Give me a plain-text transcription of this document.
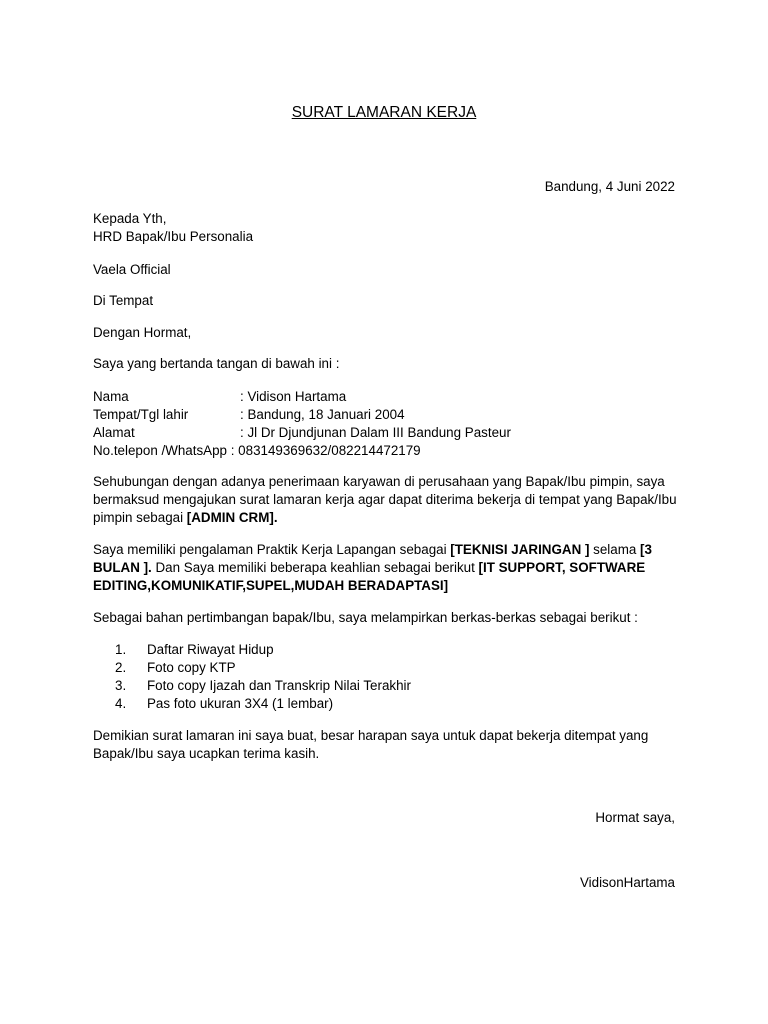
SURAT LAMARAN KERJA

Bandung, 4 Juni 2022

Kepada Yth,

HRD Bapak/Ibu Personalia

Vaela Official

Di Tempat

Dengan Hormat,

Saya yang bertanda tangan di bawah ini :

Nama	: Vidison Hartama
Tempat/Tgl lahir	: Bandung, 18 Januari 2004
Alamat	: Jl Dr Djundjunan Dalam III Bandung Pasteur
No.telepon /WhatsApp : 083149369632/082214472179

Sehubungan dengan adanya penerimaan karyawan di perusahaan yang Bapak/Ibu pimpin, saya bermaksud mengajukan surat lamaran kerja agar dapat diterima bekerja di tempat yang Bapak/Ibu pimpin sebagai [ADMIN CRM].

Saya memiliki pengalaman Praktik Kerja Lapangan sebagai [TEKNISI JARINGAN ] selama [3 BULAN ]. Dan Saya memiliki beberapa keahlian sebagai berikut [IT SUPPORT, SOFTWARE EDITING,KOMUNIKATIF,SUPEL,MUDAH BERADAPTASI]

Sebagai bahan pertimbangan bapak/Ibu, saya melampirkan berkas-berkas sebagai berikut :

1. Daftar Riwayat Hidup
2. Foto copy KTP
3. Foto copy Ijazah dan Transkrip Nilai Terakhir
4. Pas foto ukuran 3X4 (1 lembar)

Demikian surat lamaran ini saya buat, besar harapan saya untuk dapat bekerja ditempat yang Bapak/Ibu saya ucapkan terima kasih.

Hormat saya,

VidisonHartama
